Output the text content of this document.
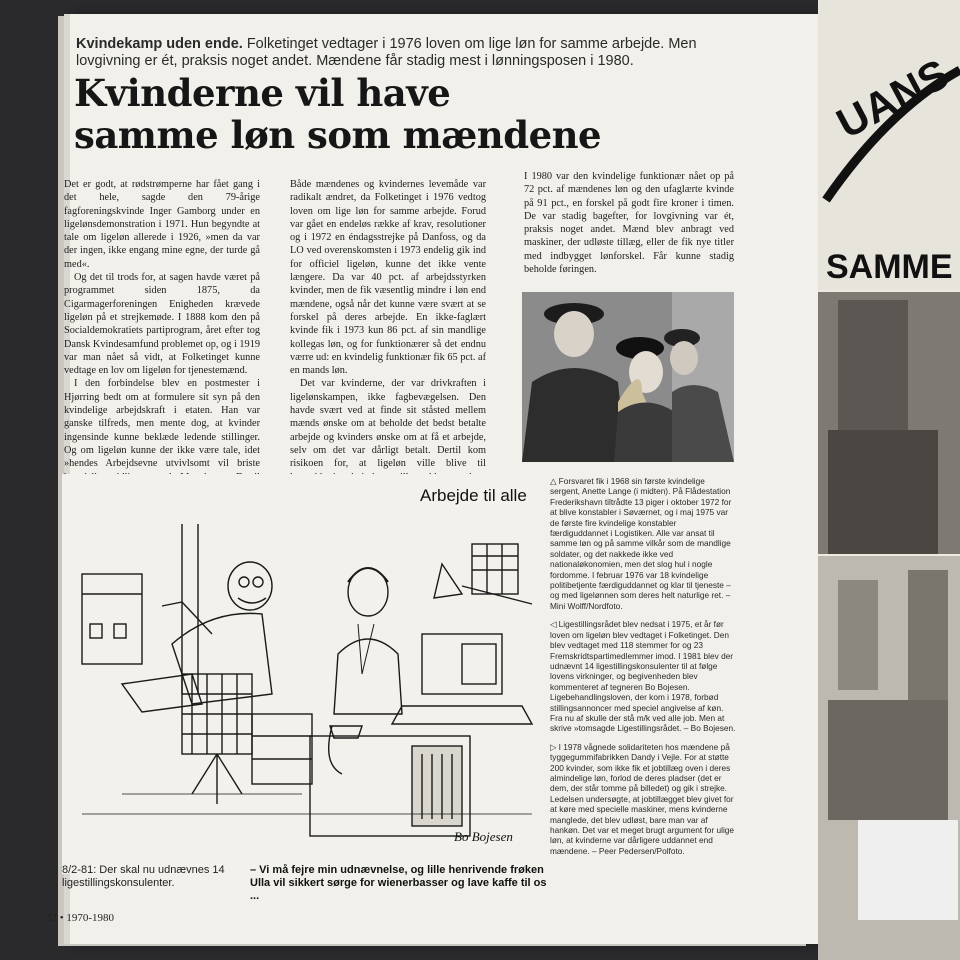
UANS
SAMME
Kvindekamp uden ende. Folketinget vedtager i 1976 loven om lige løn for samme arbejde. Men lovgivning er ét, praksis noget andet. Mændene får stadig mest i lønningsposen i 1980.
Kvinderne vil have
samme løn som mændene

Det er godt, at rødstrømperne har fået gang i det hele, sagde den 79-årige fagforeningskvinde Inger Gamborg under en ligelønsdemonstration i 1971. Hun begyndte at tale om ligeløn allerede i 1926, »men da var der ingen, ikke engang mine egne, der turde gå med«.

Og det til trods for, at sagen havde været på programmet siden 1875, da Cigarmagerforeningen Enigheden krævede ligeløn på et strejkemøde. I 1888 kom den på Socialdemokratiets partiprogram, året efter tog Dansk Kvindesamfund problemet op, og i 1919 var man nået så vidt, at Folketinget kunne vedtage en lov om ligeløn for tjenestemænd.

I den forbindelse blev en postmester i Hjørring bedt om at formulere sit syn på den kvindelige arbejdskraft i etaten. Han var ganske tilfreds, men mente dog, at kvinder ingensinde kunne beklæde ledende stillinger. Og om ligeløn kunne der ikke være tale, idet »hendes Arbejdsevne utvivlsomt vil briste

Både mændenes og kvindernes levemåde var radikalt ændret, da Folketinget i 1976 vedtog loven om lige løn for samme arbejde. Forud var gået en endeløs række af krav, resolutioner og i 1972 en éndagsstrejke på Danfoss, og da LO ved overenskomsten i 1973 endelig gik ind for officiel ligeløn, kunne det ikke vente længere. Da var 40 pct. af arbejdsstyrken kvinder, men de fik væsentlig mindre i løn end mændene, også når det kunne være svært at se forskel på deres arbejde. En ikke-faglært kvinde fik i 1973 kun 86 pct. af sin mandlige kollegas løn, og for funktionærer så det endnu værre ud: en kvindelig funktionær fik 65 pct. af en mands løn.

Det var kvinderne, der var drivkraften i ligelønskampen, ikke fagbevægelsen. Den havde svært ved at finde sit ståsted mellem mænds ønske om at beholde det bedst betalte arbejde og kvinders ønske om at få et arbejde, selv om det var dårligt betalt. Dertil kom risikoen for, at ligeløn ville blive til

I 1980 var den kvindelige funktionær nået op på 72 pct. af mændenes løn og den ufaglærte kvinde på 91 pct., en forskel på godt fire kroner i timen. De var stadig bagefter, for lovgivning var ét, praksis noget andet. Mænd blev anbragt ved maskiner, der udløste tillæg, eller de fik nye titler med indbygget lønforskel. Får kunne stadig beholde føringen.

Bo Bojesen
Arbejde til alle
8/2-81: Der skal nu udnævnes 14 ligestillingskonsulenter.
– Vi må fejre min udnævnelse, og lille henrivende frøken Ulla vil sikkert sørge for wienerbasser og lave kaffe til os ...

△ Forsvaret fik i 1968 sin første kvindelige sergent, Anette Lange (i midten). På Flådestation Frederikshavn tiltrådte 13 piger i oktober 1972 for at blive konstabler i Søværnet, og i maj 1975 var de første fire kvindelige konstabler færdiguddannet i Logistiken. Alle var ansat til samme løn og på samme vilkår som de mandlige soldater, og det nakkede ikke ved nationaløkonomien, men det slog hul i nogle fordomme. I februar 1976 var 18 kvindelige politibetjente færdiguddannet og klar til tjeneste – og med ligelønnen som deres helt naturlige ret. – Mini Wolff/Nordfoto.

◁ Ligestillingsrådet blev nedsat i 1975, et år før loven om ligeløn blev vedtaget i Folketinget. Den blev vedtaget med 118 stemmer for og 23 Fremskridtspartimedlemmer imod. I 1981 blev der udnævnt 14 ligestillingskonsulenter til at følge lovens virkninger, og begivenheden blev kommenteret af tegneren Bo Bojesen. Ligebehandlingsloven, der kom i 1978, forbød stillingsannoncer med speciel angivelse af køn. Fra nu af skulle der stå m/k ved alle job. Men at skrive »tomsagde Ligestillingsrådet. – Bo Bojesen.

▷ I 1978 vågnede solidariteten hos mændene på tyggegummifabrikken Dandy i Vejle. For at støtte 200 kvinder, som ikke fik et jobtillæg oven i deres almindelige løn, forlod de deres pladser (det er dem, der står tomme på billedet) og gik i strejke. Ledelsen undersøgte, at jobtillægget blev givet for at køre med specielle maskiner, mens kvinderne manglede, det blev udløst, bare man var af hankøn. Det var et meget brugt argument for ulige løn, at kvinderne var dårligere uddannet end mændene. – Peer Pedersen/Polfoto.

32 • 1970-1980
